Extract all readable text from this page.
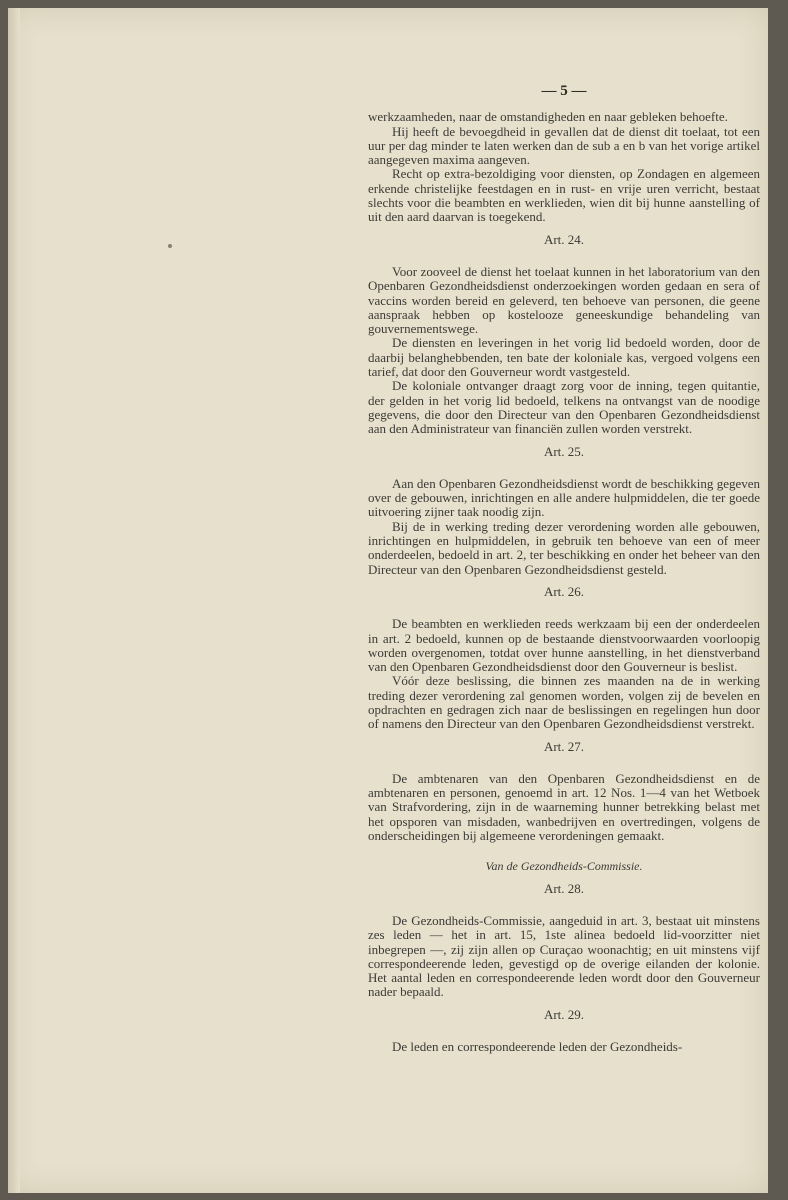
— 5 —
werkzaamheden, naar de omstandigheden en naar gebleken behoefte.
Hij heeft de bevoegdheid in gevallen dat de dienst dit toelaat, tot een uur per dag minder te laten werken dan de sub a en b van het vorige artikel aangegeven maxima aangeven.
Recht op extra-bezoldiging voor diensten, op Zondagen en algemeen erkende christelijke feestdagen en in rust- en vrije uren verricht, bestaat slechts voor die beambten en werklieden, wien dit bij hunne aanstelling of uit den aard daarvan is toegekend.
Art. 24.
Voor zooveel de dienst het toelaat kunnen in het laboratorium van den Openbaren Gezondheidsdienst onderzoekingen worden gedaan en sera of vaccins worden bereid en geleverd, ten behoeve van personen, die geene aanspraak hebben op kostelooze geneeskundige behandeling van gouvernementswege.
De diensten en leveringen in het vorig lid bedoeld worden, door de daarbij belanghebbenden, ten bate der koloniale kas, vergoed volgens een tarief, dat door den Gouverneur wordt vastgesteld.
De koloniale ontvanger draagt zorg voor de inning, tegen quitantie, der gelden in het vorig lid bedoeld, telkens na ontvangst van de noodige gegevens, die door den Directeur van den Openbaren Gezondheidsdienst aan den Administrateur van financiën zullen worden verstrekt.
Art. 25.
Aan den Openbaren Gezondheidsdienst wordt de beschikking gegeven over de gebouwen, inrichtingen en alle andere hulpmiddelen, die ter goede uitvoering zijner taak noodig zijn.
Bij de in werking treding dezer verordening worden alle gebouwen, inrichtingen en hulpmiddelen, in gebruik ten behoeve van een of meer onderdeelen, bedoeld in art. 2, ter beschikking en onder het beheer van den Directeur van den Openbaren Gezondheidsdienst gesteld.
Art. 26.
De beambten en werklieden reeds werkzaam bij een der onderdeelen in art. 2 bedoeld, kunnen op de bestaande dienstvoorwaarden voorloopig worden overgenomen, totdat over hunne aanstelling, in het dienstverband van den Openbaren Gezondheidsdienst door den Gouverneur is beslist.
Vóór deze beslissing, die binnen zes maanden na de in werking treding dezer verordening zal genomen worden, volgen zij de bevelen en opdrachten en gedragen zich naar de beslissingen en regelingen hun door of namens den Directeur van den Openbaren Gezondheidsdienst verstrekt.
Art. 27.
De ambtenaren van den Openbaren Gezondheidsdienst en de ambtenaren en personen, genoemd in art. 12 Nos. 1—4 van het Wetboek van Strafvordering, zijn in de waarneming hunner betrekking belast met het opsporen van misdaden, wanbedrijven en overtredingen, volgens de onderscheidingen bij algemeene verordeningen gemaakt.
Van de Gezondheids-Commissie.
Art. 28.
De Gezondheids-Commissie, aangeduid in art. 3, bestaat uit minstens zes leden — het in art. 15, 1ste alinea bedoeld lid-voorzitter niet inbegrepen —, zij zijn allen op Curaçao woonachtig; en uit minstens vijf correspondeerende leden, gevestigd op de overige eilanden der kolonie. Het aantal leden en correspondeerende leden wordt door den Gouverneur nader bepaald.
Art. 29.
De leden en correspondeerende leden der Gezondheids-
